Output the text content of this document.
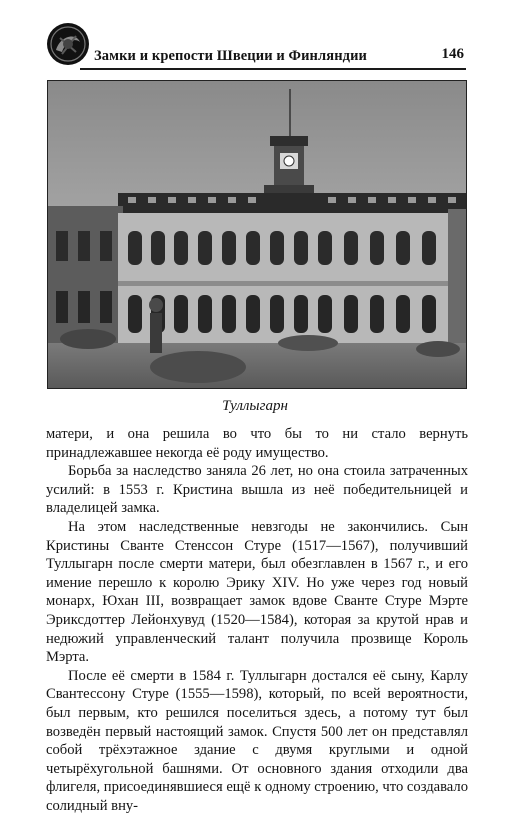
Замки и крепости Швеции и Финляндии	146
Туллыгарн

матери, и она решила во что бы то ни стало вернуть принадлежавшее некогда её роду имущество.

Борьба за наследство заняла 26 лет, но она стоила затраченных усилий: в 1553 г. Кристина вышла из неё победительницей и владелицей замка.

На этом наследственные невзгоды не закончились. Сын Кристины Сванте Стенссон Стуре (1517—1567), получивший Туллыгарн после смерти матери, был обезглавлен в 1567 г., и его имение перешло к королю Эрику XIV. Но уже через год новый монарх, Юхан III, возвращает замок вдове Сванте Стуре Мэрте Эриксдоттер Лейонхувуд (1520—1584), которая за крутой нрав и недюжий управленческий талант получила прозвище Король Мэрта.

После её смерти в 1584 г. Туллыгарн достался её сыну, Карлу Свантессону Стуре (1555—1598), который, по всей вероятности, был первым, кто решился поселиться здесь, а потому тут был возведён первый настоящий замок. Спустя 500 лет он представлял собой трёхэтажное здание с двумя круглыми и одной четырёхугольной башнями. От основного здания отходили два флигеля, присоединявшиеся ещё к одному строению, что создавало солидный вну-
